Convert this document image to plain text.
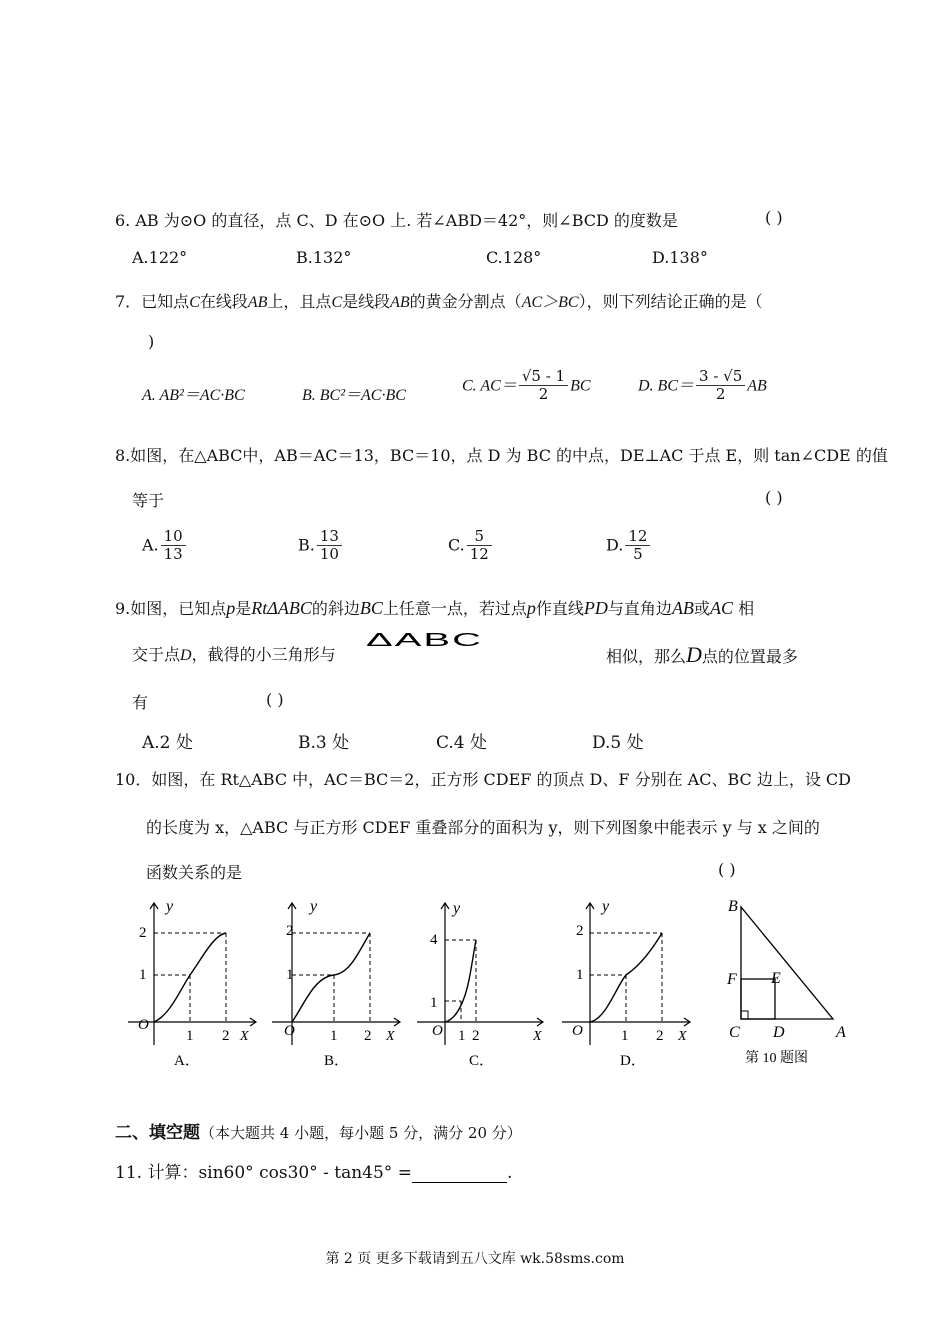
6. AB 为⊙O 的直径，点 C、D 在⊙O 上. 若∠ABD＝42°，则∠BCD 的度数是	( )
A.122°	B.132°	C.128°	D.138°
7．已知点C在线段AB上，且点C是线段AB的黄金分割点（AC＞BC），则下列结论正确的是（
)
A. AB²＝AC·BC	B. BC²＝AC·BC
C. $AC= \frac{√5 - 1}{2}$ BC	D. $BC= \frac{3 - √5}{2}$ AB
8.如图，在△ABC中，AB＝AC＝13，BC＝10，点 D 为 BC 的中点，DE⊥AC 于点 E，则 tan∠CDE 的值
等于	( )
A. $\frac{10}{13}$	B. $\frac{13}{10}$	C. $\frac{5}{12}$	D. $\frac{12}{5}$
9.如图，已知点p是RtΔABC的斜边BC上任意一点，若过点p作直线PD与直角边AB或AC 相
交于点D，截得的小三角形与
ΔABC
相似，那么D点的位置最多
有	( )
A.2 处	B.3 处	C.4 处	D.5 处
10．如图，在 Rt△ABC 中，AC＝BC＝2，正方形 CDEF 的顶点 D、F 分别在 AC、BC 边上，设 CD
的长度为 x，△ABC 与正方形 CDEF 重叠部分的面积为 y，则下列图象中能表示 y 与 x 之间的
函数关系的是	( )
y
2
1
O
1 2 X
A．
y
2
1
O 1 2 X
B．
y
4
1
O 1 2	X
C．
y
2
1
O	1 2 X
D．
B
F E
C D	A
第 10 题图
二、填空题（本大题共 4 小题，每小题 5 分，满分 20 分）
11. 计算：sin60° cos30° - tan45° =	.
第 2 页 更多下载请到五八文库 wk.58sms.com
